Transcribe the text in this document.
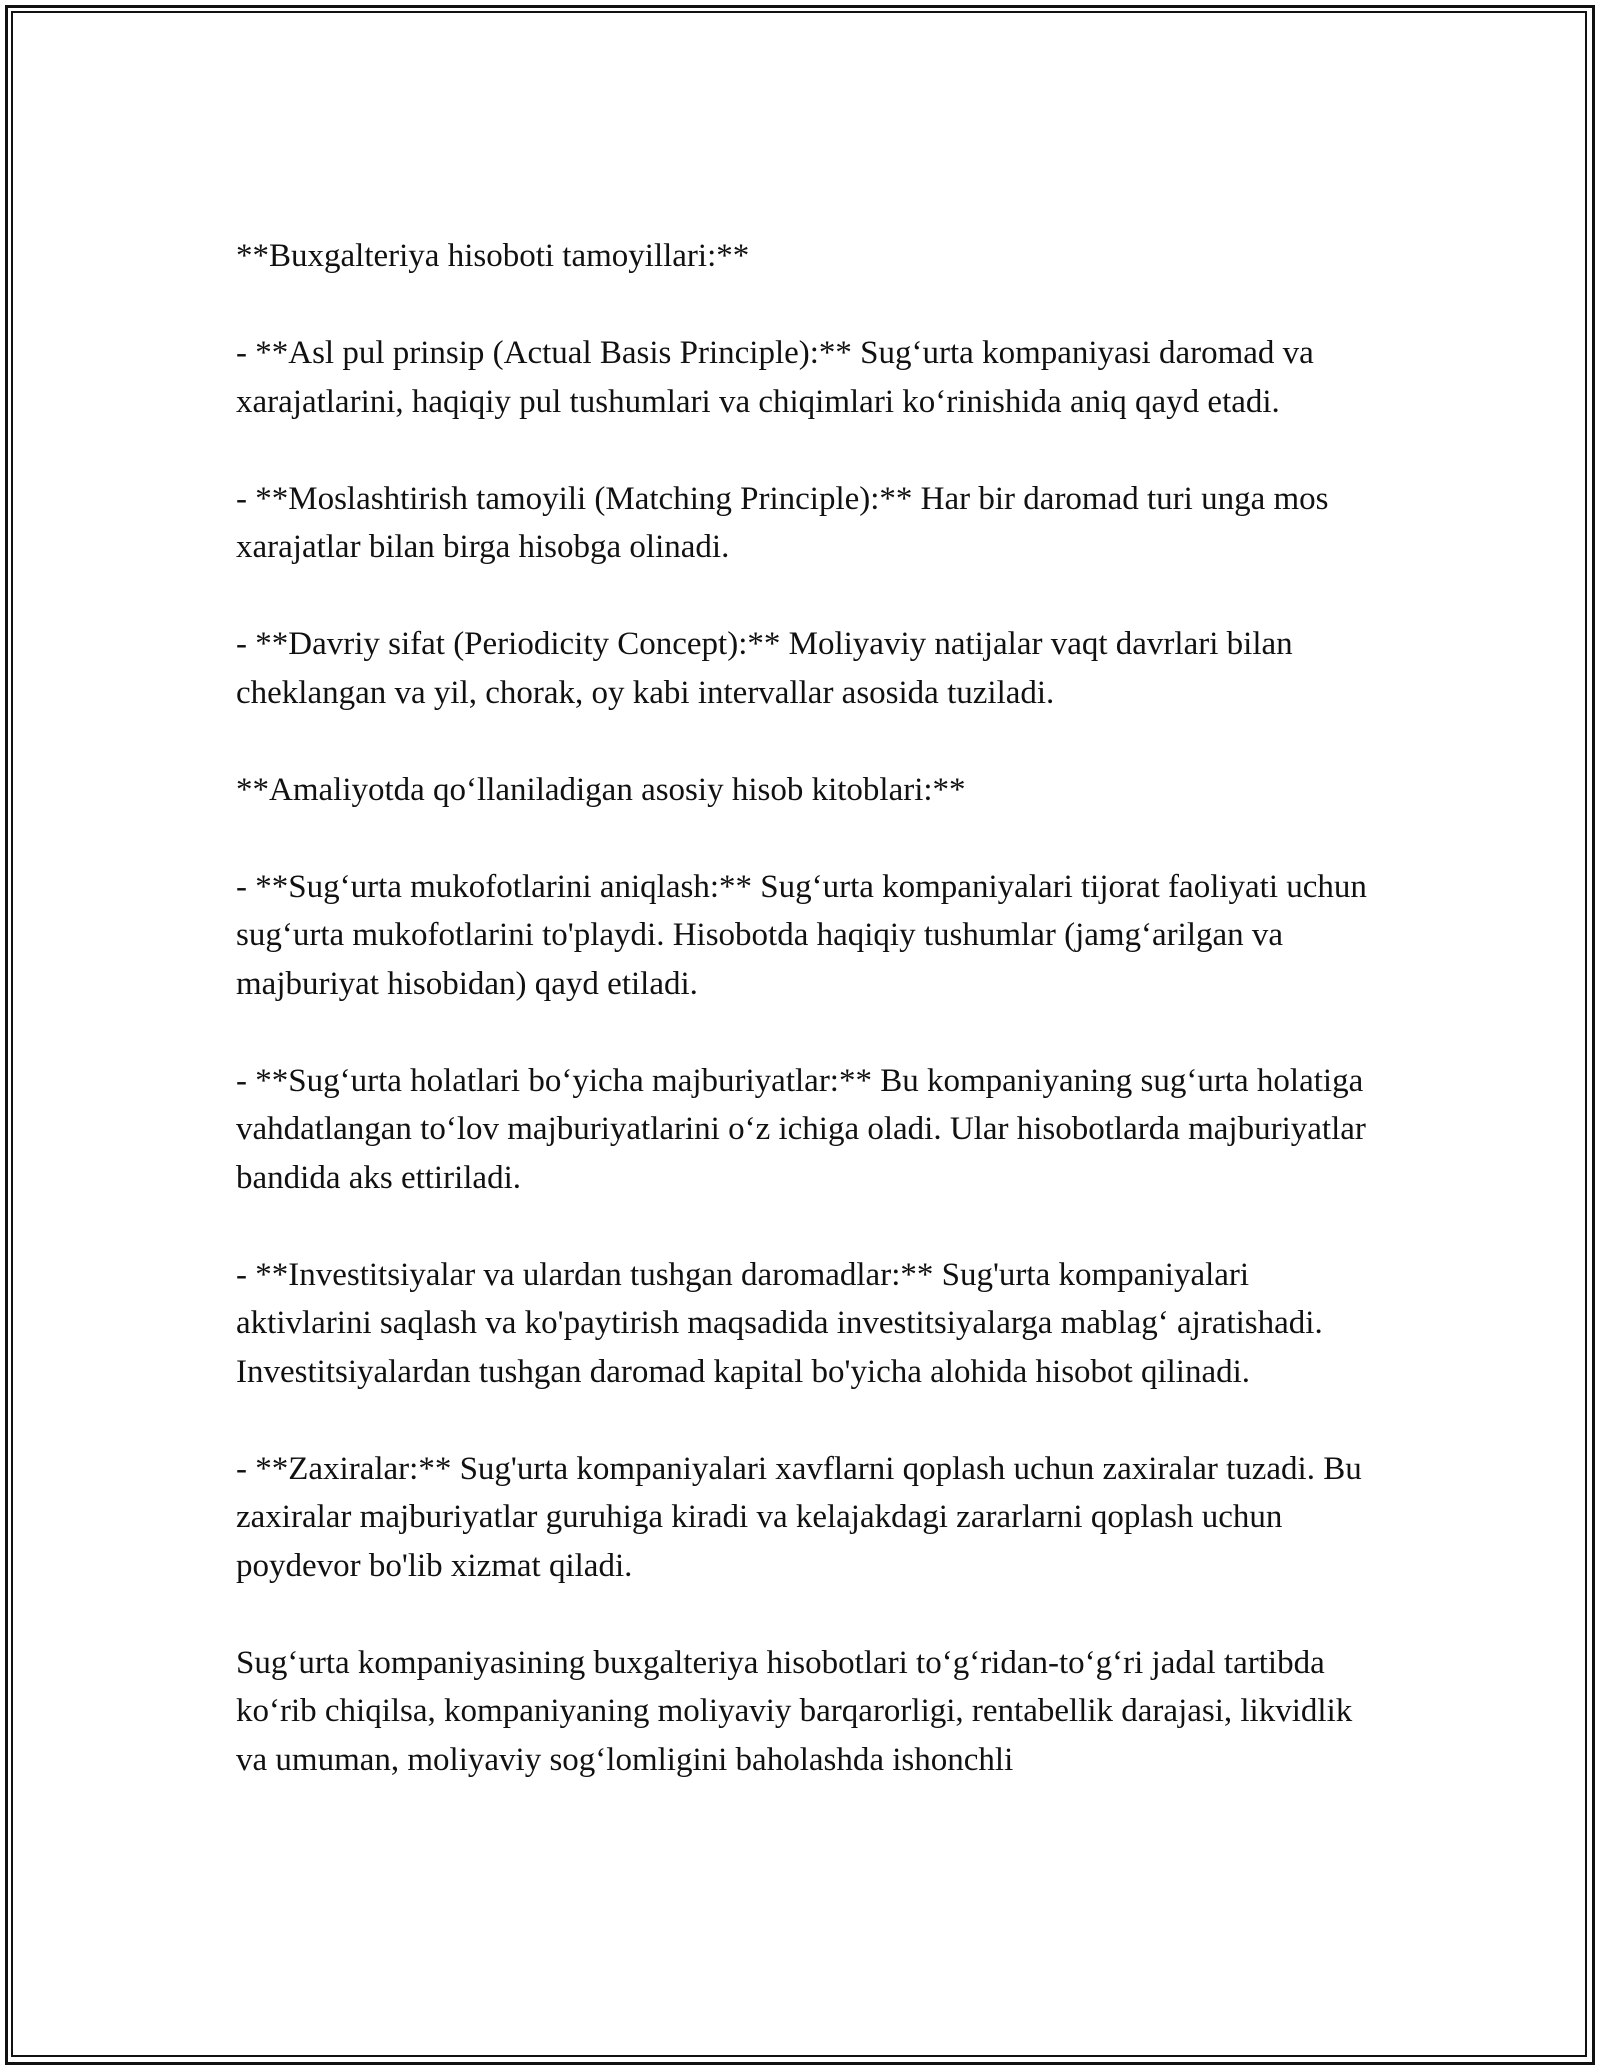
**Buxgalteriya hisoboti tamoyillari:**

- **Asl pul prinsip (Actual Basis Principle):** Sug‘urta kompaniyasi daromad va xarajatlarini, haqiqiy pul tushumlari va chiqimlari ko‘rinishida aniq qayd etadi.

- **Moslashtirish tamoyili (Matching Principle):** Har bir daromad turi unga mos xarajatlar bilan birga hisobga olinadi.

- **Davriy sifat (Periodicity Concept):** Moliyaviy natijalar vaqt davrlari bilan cheklangan va yil, chorak, oy kabi intervallar asosida tuziladi.

**Amaliyotda qo‘llaniladigan asosiy hisob kitoblari:**

- **Sug‘urta mukofotlarini aniqlash:** Sug‘urta kompaniyalari tijorat faoliyati uchun sug‘urta mukofotlarini to'playdi. Hisobotda haqiqiy tushumlar (jamg‘arilgan va majburiyat hisobidan) qayd etiladi.

- **Sug‘urta holatlari bo‘yicha majburiyatlar:** Bu kompaniyaning sug‘urta holatiga vahdatlangan to‘lov majburiyatlarini o‘z ichiga oladi. Ular hisobotlarda majburiyatlar bandida aks ettiriladi.

- **Investitsiyalar va ulardan tushgan daromadlar:** Sug'urta kompaniyalari aktivlarini saqlash va ko'paytirish maqsadida investitsiyalarga mablag‘ ajratishadi. Investitsiyalardan tushgan daromad kapital bo'yicha alohida hisobot qilinadi.

- **Zaxiralar:** Sug'urta kompaniyalari xavflarni qoplash uchun zaxiralar tuzadi. Bu zaxiralar majburiyatlar guruhiga kiradi va kelajakdagi zararlarni qoplash uchun poydevor bo'lib xizmat qiladi.

Sug‘urta kompaniyasining buxgalteriya hisobotlari to‘g‘ridan-to‘g‘ri jadal tartibda ko‘rib chiqilsa, kompaniyaning moliyaviy barqarorligi, rentabellik darajasi, likvidlik va umuman, moliyaviy sog‘lomligini baholashda ishonchli
